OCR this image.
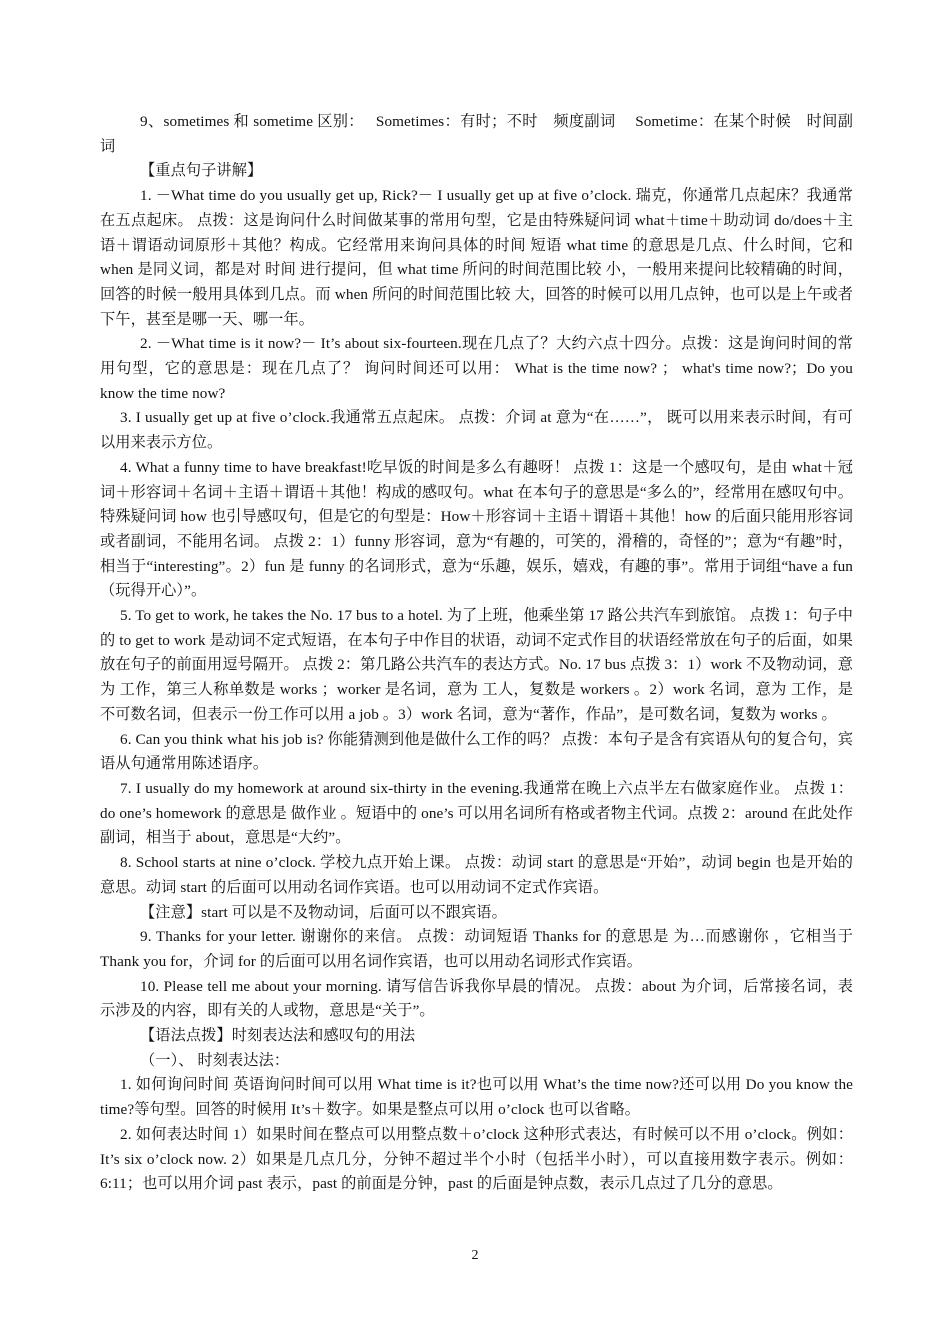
9、sometimes 和 sometime 区别：　 Sometimes：有时；不时　频度副词　 Sometime：在某个时候　时间副词

【重点句子讲解】

1. －What time do you usually get up, Rick?－ I usually get up at five o’clock. 瑞克，你通常几点起床？我通常在五点起床。 点拨：这是询问什么时间做某事的常用句型，它是由特殊疑问词 what＋time＋助动词 do/does＋主语＋谓语动词原形＋其他？构成。它经常用来询问具体的时间 短语 what time 的意思是几点、什么时间，它和 when 是同义词，都是对 时间 进行提问，但 what time 所问的时间范围比较 小，一般用来提问比较精确的时间，回答的时候一般用具体到几点。而 when 所问的时间范围比较 大，回答的时候可以用几点钟，也可以是上午或者下午，甚至是哪一天、哪一年。

2. －What time is it now?－ It’s about six-fourteen.现在几点了？大约六点十四分。点拨：这是询问时间的常用句型，它的意思是：现在几点了？ 询问时间还可以用： What is the time now? ； what's time now?；Do you know the time now?

3. I usually get up at five o’clock.我通常五点起床。 点拨：介词 at 意为“在……”， 既可以用来表示时间，有可以用来表示方位。

4. What a funny time to have breakfast!吃早饭的时间是多么有趣呀！ 点拨 1：这是一个感叹句，是由 what＋冠词＋形容词＋名词＋主语＋谓语＋其他！构成的感叹句。what 在本句子的意思是“多么的”，经常用在感叹句中。 特殊疑问词 how 也引导感叹句，但是它的句型是：How＋形容词＋主语＋谓语＋其他！how 的后面只能用形容词或者副词，不能用名词。 点拨 2：1）funny 形容词，意为“有趣的，可笑的，滑稽的，奇怪的”；意为“有趣”时，相当于“interesting”。2）fun 是 funny 的名词形式，意为“乐趣，娱乐，嬉戏，有趣的事”。常用于词组“have a fun （玩得开心）”。

5. To get to work, he takes the No. 17 bus to a hotel. 为了上班，他乘坐第 17 路公共汽车到旅馆。 点拨 1：句子中的 to get to work 是动词不定式短语，在本句子中作目的状语，动词不定式作目的状语经常放在句子的后面，如果放在句子的前面用逗号隔开。 点拨 2：第几路公共汽车的表达方式。No. 17 bus 点拨 3：1）work 不及物动词，意为 工作，第三人称单数是 works ；worker 是名词，意为 工人，复数是 workers 。2）work 名词，意为 工作，是不可数名词，但表示一份工作可以用 a job 。3）work 名词，意为“著作，作品”，是可数名词，复数为 works 。

6. Can you think what his job is? 你能猜测到他是做什么工作的吗？ 点拨：本句子是含有宾语从句的复合句，宾语从句通常用陈述语序。

7. I usually do my homework at around six-thirty in the evening.我通常在晚上六点半左右做家庭作业。 点拨 1：do one’s homework 的意思是 做作业 。短语中的 one’s 可以用名词所有格或者物主代词。点拨 2：around 在此处作副词，相当于 about，意思是“大约”。

8. School starts at nine o’clock. 学校九点开始上课。 点拨：动词 start 的意思是“开始”，动词 begin 也是开始的意思。动词 start 的后面可以用动名词作宾语。也可以用动词不定式作宾语。

【注意】start 可以是不及物动词，后面可以不跟宾语。

9. Thanks for your letter. 谢谢你的来信。 点拨：动词短语 Thanks for 的意思是 为…而感谢你 ，它相当于 Thank you for，介词 for 的后面可以用名词作宾语，也可以用动名词形式作宾语。

10. Please tell me about your morning. 请写信告诉我你早晨的情况。 点拨：about 为介词，后常接名词，表示涉及的内容，即有关的人或物，意思是“关于”。

【语法点拨】时刻表达法和感叹句的用法

（一）、 时刻表达法：

1. 如何询问时间 英语询问时间可以用 What time is it?也可以用 What’s the time now?还可以用 Do you know the time?等句型。回答的时候用 It’s＋数字。如果是整点可以用 o’clock 也可以省略。

2. 如何表达时间 1）如果时间在整点可以用整点数＋o’clock 这种形式表达，有时候可以不用 o’clock。例如：It’s six o’clock now. 2）如果是几点几分，分钟不超过半个小时（包括半小时），可以直接用数字表示。例如：6:11；也可以用介词 past 表示，past 的前面是分钟，past 的后面是钟点数，表示几点过了几分的意思。

2
